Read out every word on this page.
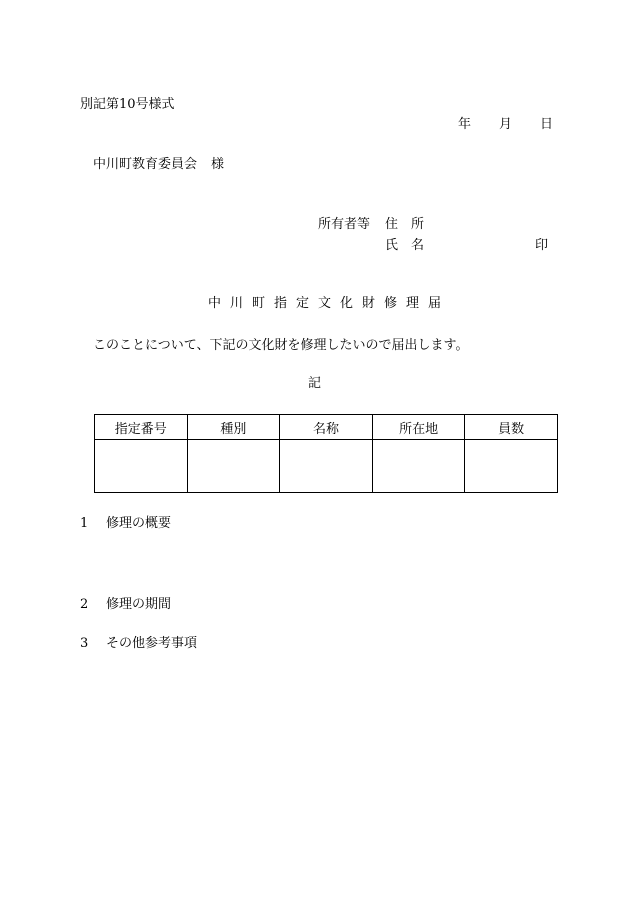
別記第10号様式
年 月 日
中川町教育委員会 様
所有者等 住所
氏名	印
中川町指定文化財修理届
このことについて、下記の文化財を修理したいので届出します。
記
指定番号	種別	名称	所在地	員数

1 修理の概要
2 修理の期間
3 その他参考事項
